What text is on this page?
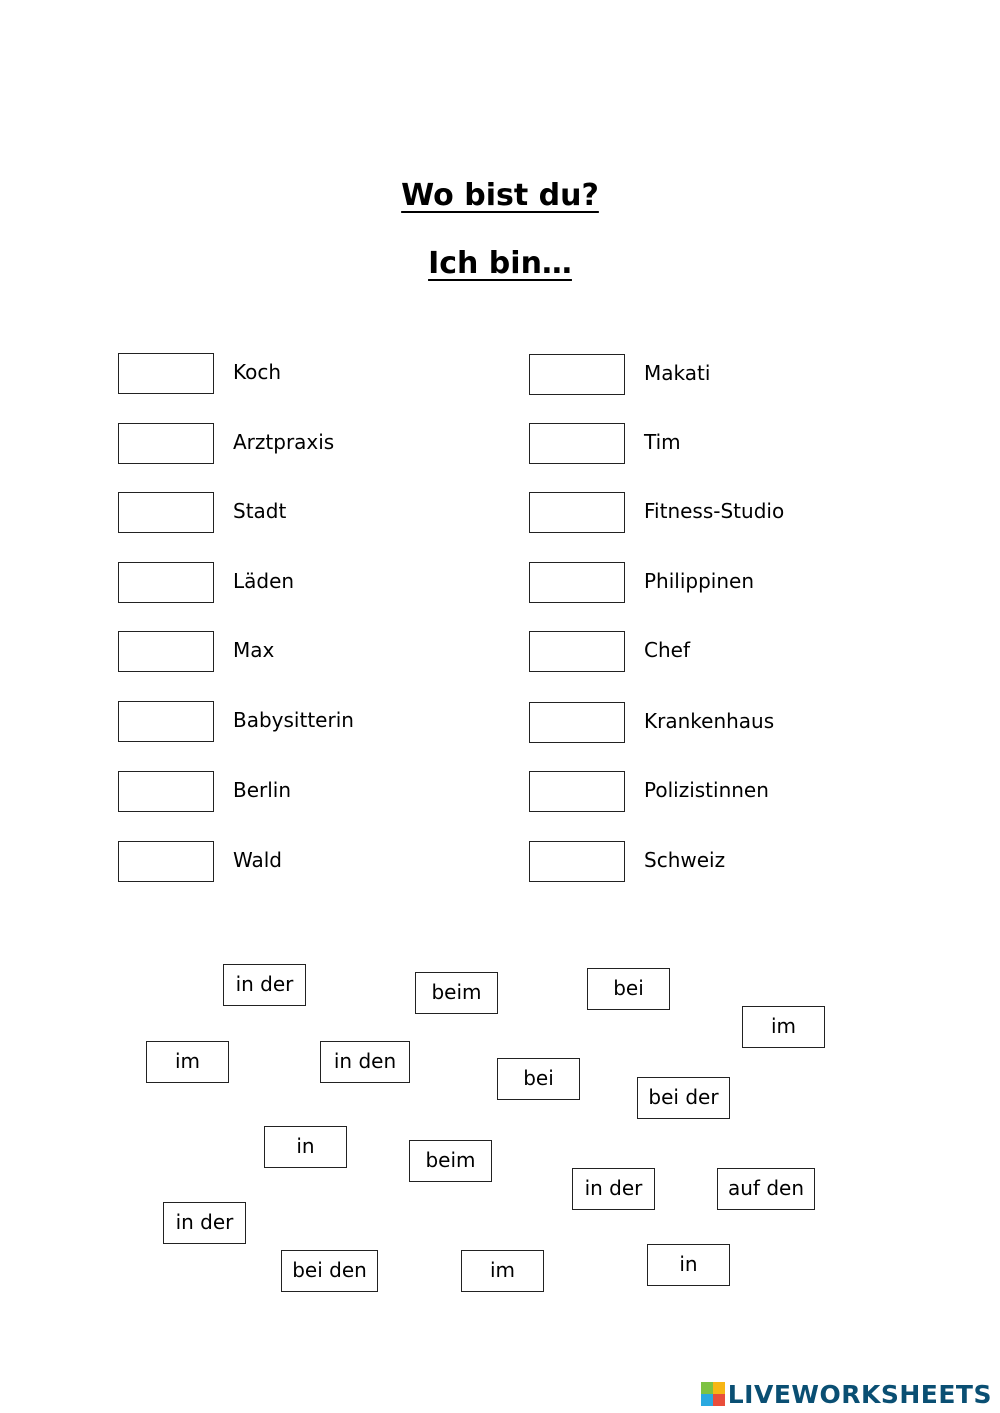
Wo bist du?
Ich bin…
Koch
Arztpraxis
Stadt
Läden
Max
Babysitterin
Berlin
Wald
Makati
Tim
Fitness-Studio
Philippinen
Chef
Krankenhaus
Polizistinnen
Schweiz
in der	beim	bei
im
im	in den
bei
bei der
in
beim
in der	auf den
in der
bei den	im	in
LIVEWORKSHEETS
